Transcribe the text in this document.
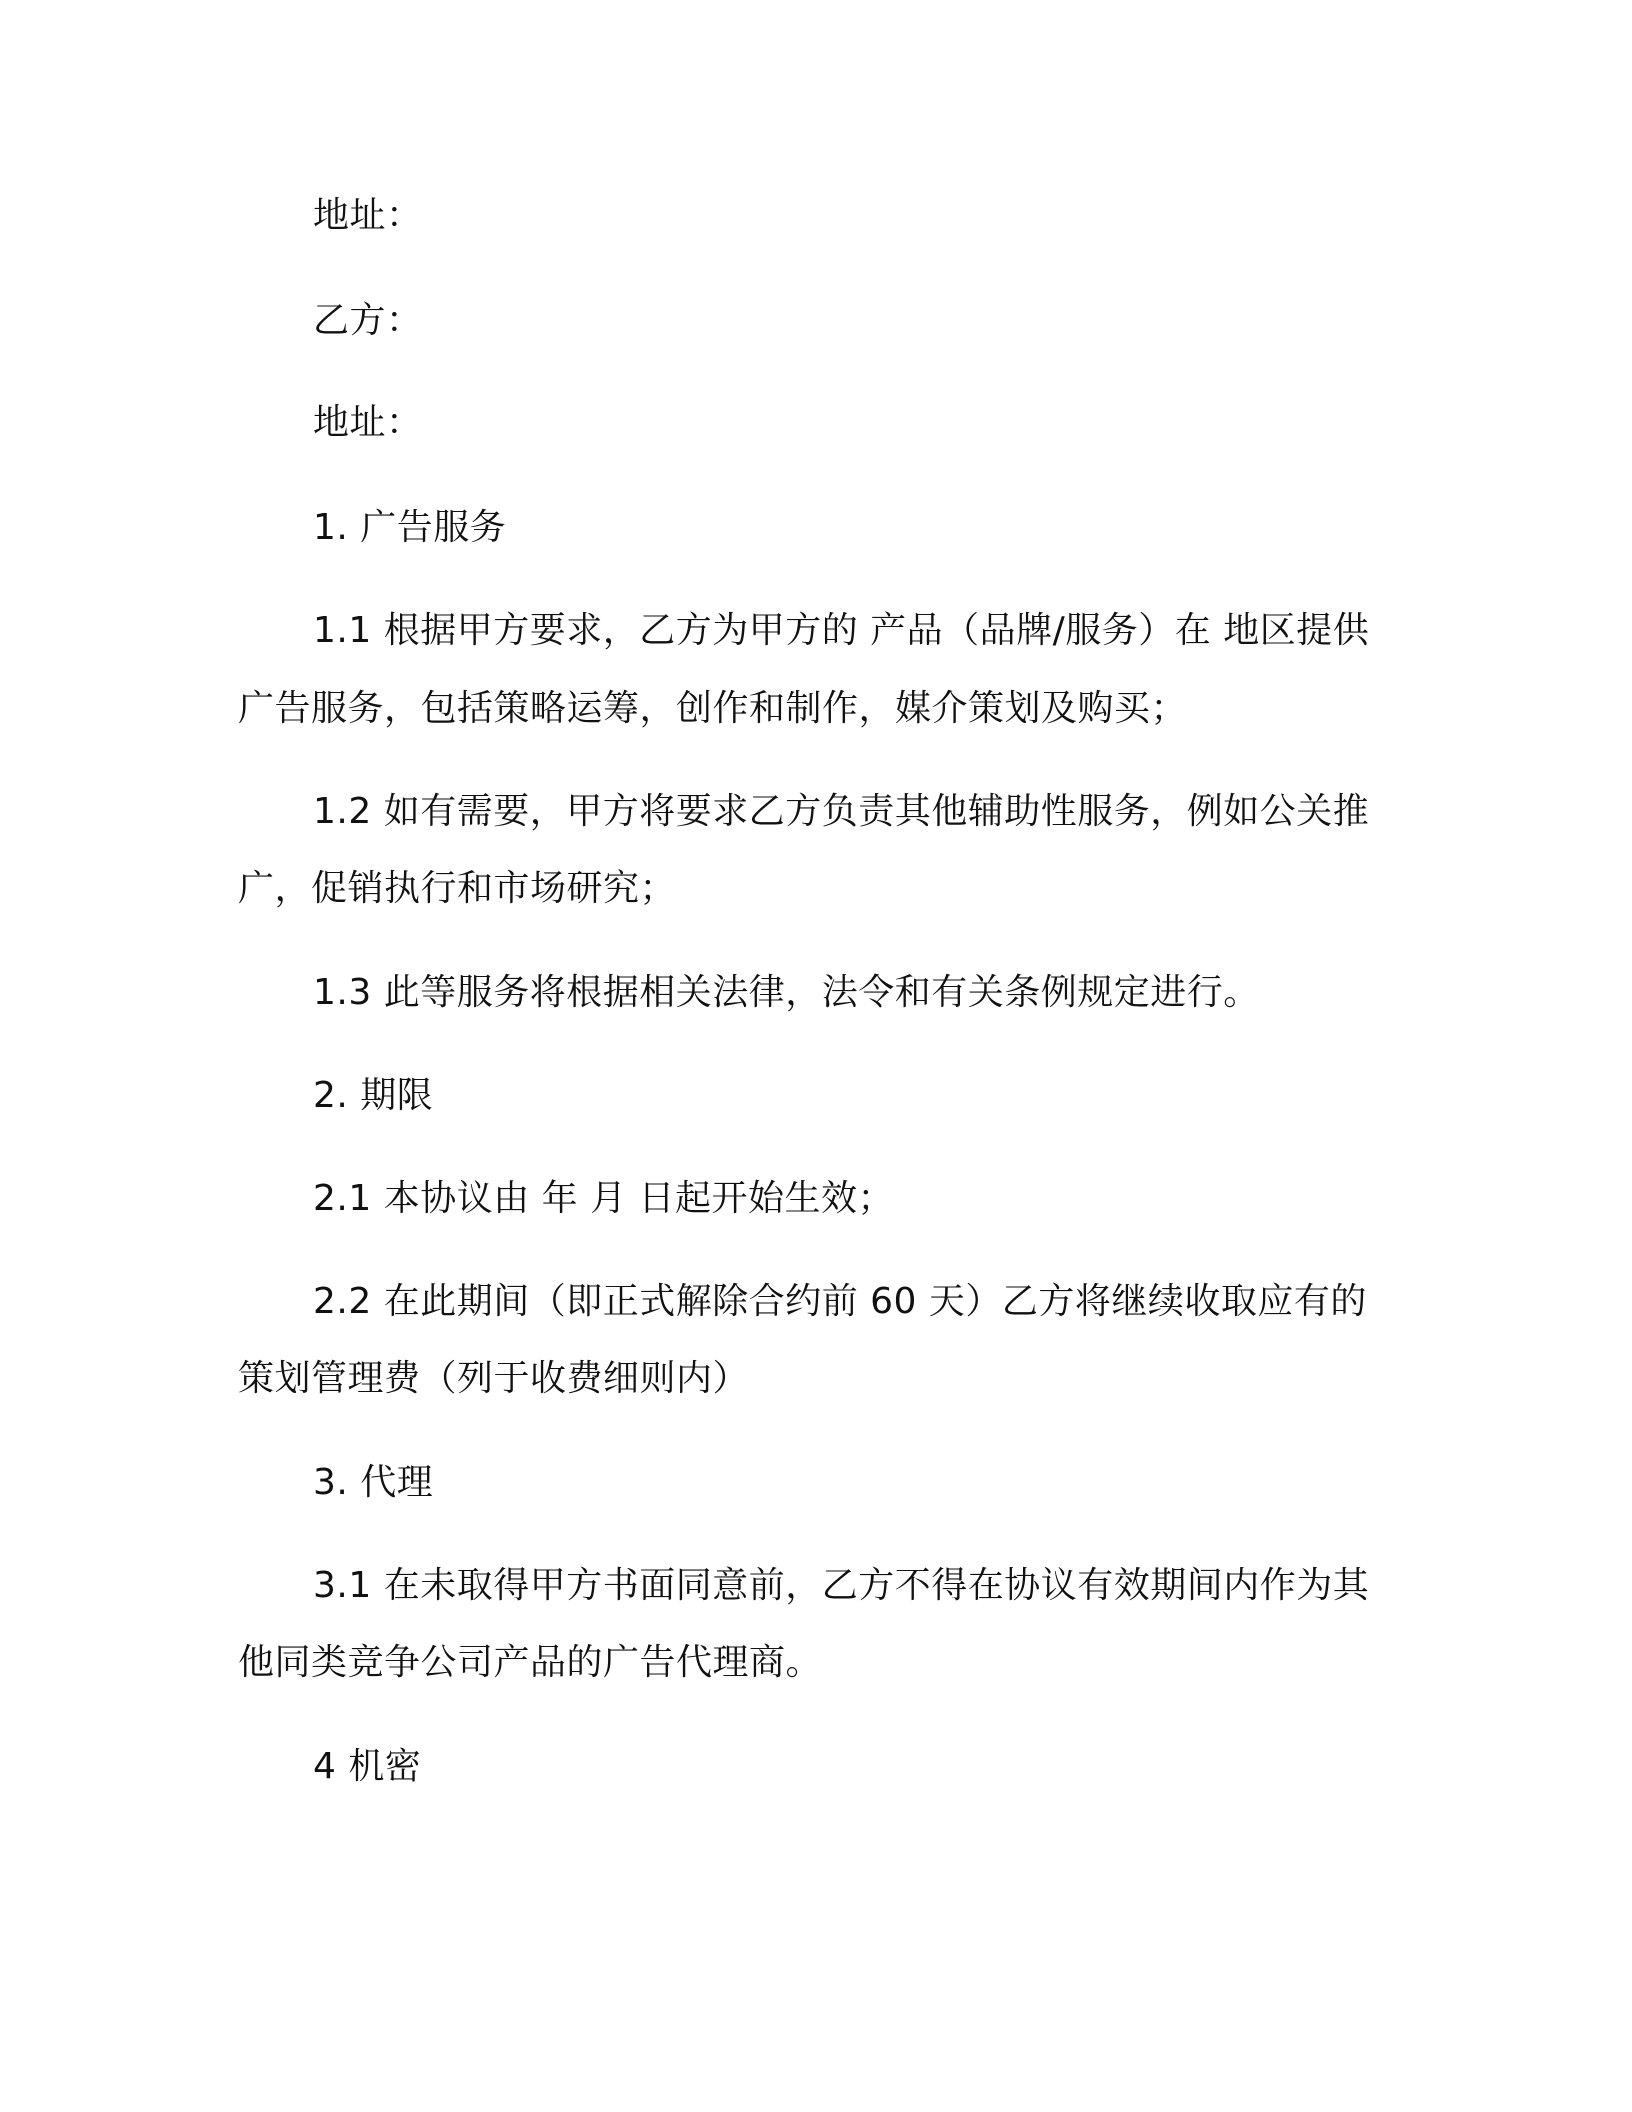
地址：
乙方：
地址：
1. 广告服务
1.1 根据甲方要求，乙方为甲方的 产品（品牌/服务）在 地区提供
广告服务，包括策略运筹，创作和制作，媒介策划及购买；
1.2 如有需要，甲方将要求乙方负责其他辅助性服务，例如公关推
广，促销执行和市场研究；
1.3 此等服务将根据相关法律，法令和有关条例规定进行。
2. 期限
2.1 本协议由 年 月 日起开始生效；
2.2 在此期间（即正式解除合约前 60 天）乙方将继续收取应有的
策划管理费（列于收费细则内）
3. 代理
3.1 在未取得甲方书面同意前，乙方不得在协议有效期间内作为其
他同类竞争公司产品的广告代理商。
4 机密
